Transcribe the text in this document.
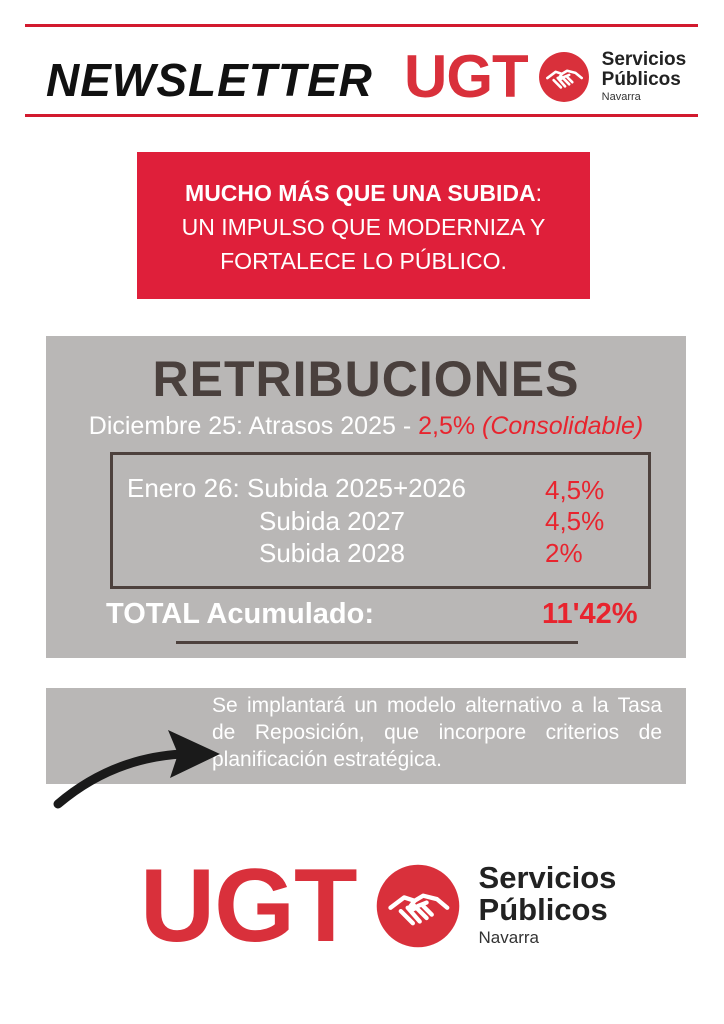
NEWSLETTER UGT	Servicios
Públicos
Navarra
MUCHO MÁS QUE UNA SUBIDA:
UN IMPULSO QUE MODERNIZA Y
FORTALECE LO PÚBLICO.
RETRIBUCIONES
Diciembre 25: Atrasos 2025 - 2,5% (Consolidable)
Enero 26: Subida 2025+2026	4,5%
Subida 2027	4,5%
Subida 2028	2%
TOTAL Acumulado:	11'42%
Se implantará un modelo alternativo a la Tasa de Reposición, que incorpore criterios de planificación estratégica.
UGT	Servicios
Públicos
Navarra
